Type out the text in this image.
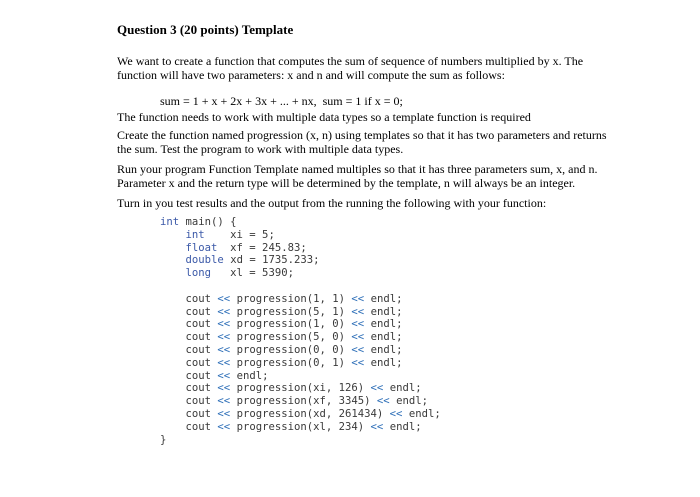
Question 3 (20 points) Template
We want to create a function that computes the sum of sequence of numbers multiplied by x. The function will have two parameters: x and n and will compute the sum as follows:
sum = 1 + x + 2x + 3x + ... + nx,  sum = 1 if x = 0;
The function needs to work with multiple data types so a template function is required
Create the function named progression (x, n) using templates so that it has two parameters and returns the sum. Test the program to work with multiple data types.
Run your program Function Template named multiples so that it has three parameters sum, x, and n. Parameter x and the return type will be determined by the template, n will always be an integer.
Turn in you test results and the output from the running the following with your function:
int main() {
int xi = 5;
float xf = 245.83;
double xd = 1735.233;
long xl = 5390;
cout << progression(1, 1) << endl;
cout << progression(5, 1) << endl;
cout << progression(1, 0) << endl;
cout << progression(5, 0) << endl;
cout << progression(0, 0) << endl;
cout << progression(0, 1) << endl;
cout << endl;
cout << progression(xi, 126) << endl;
cout << progression(xf, 3345) << endl;
cout << progression(xd, 261434) << endl;
cout << progression(xl, 234) << endl;
}
